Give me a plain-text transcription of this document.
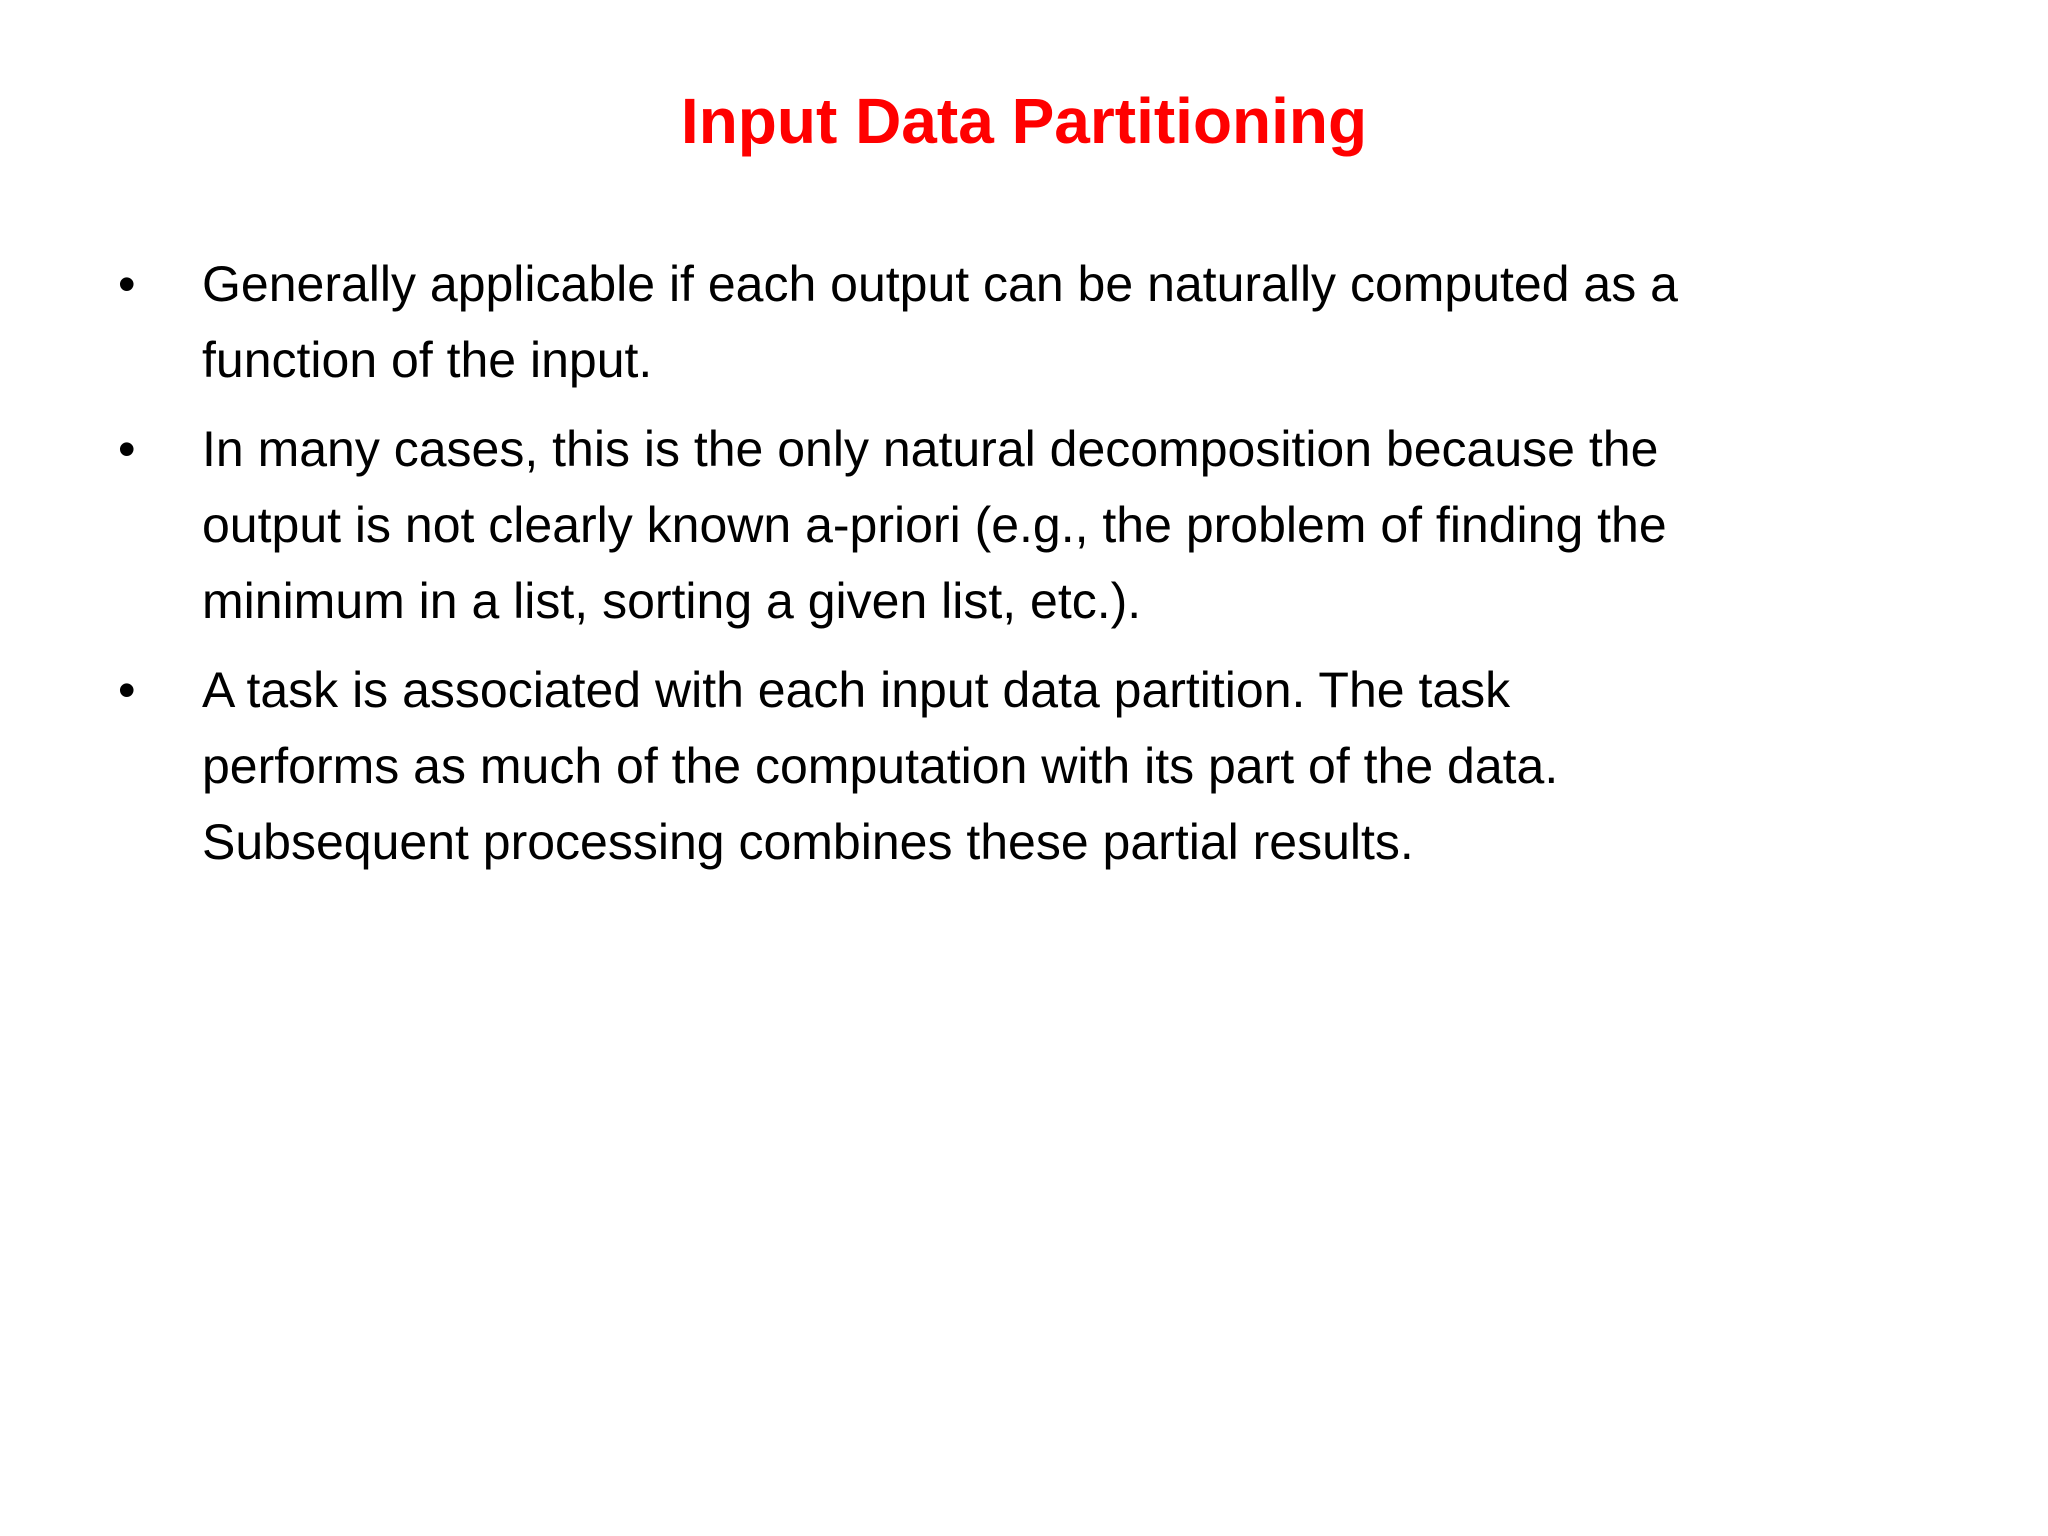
Input Data Partitioning
•	Generally applicable if each output can be naturally computed as a
function of the input.
•	In many cases, this is the only natural decomposition because the
output is not clearly known a-priori (e.g., the problem of finding the
minimum in a list, sorting a given list, etc.).
•	A task is associated with each input data partition. The task
performs as much of the computation with its part of the data.
Subsequent processing combines these partial results.
